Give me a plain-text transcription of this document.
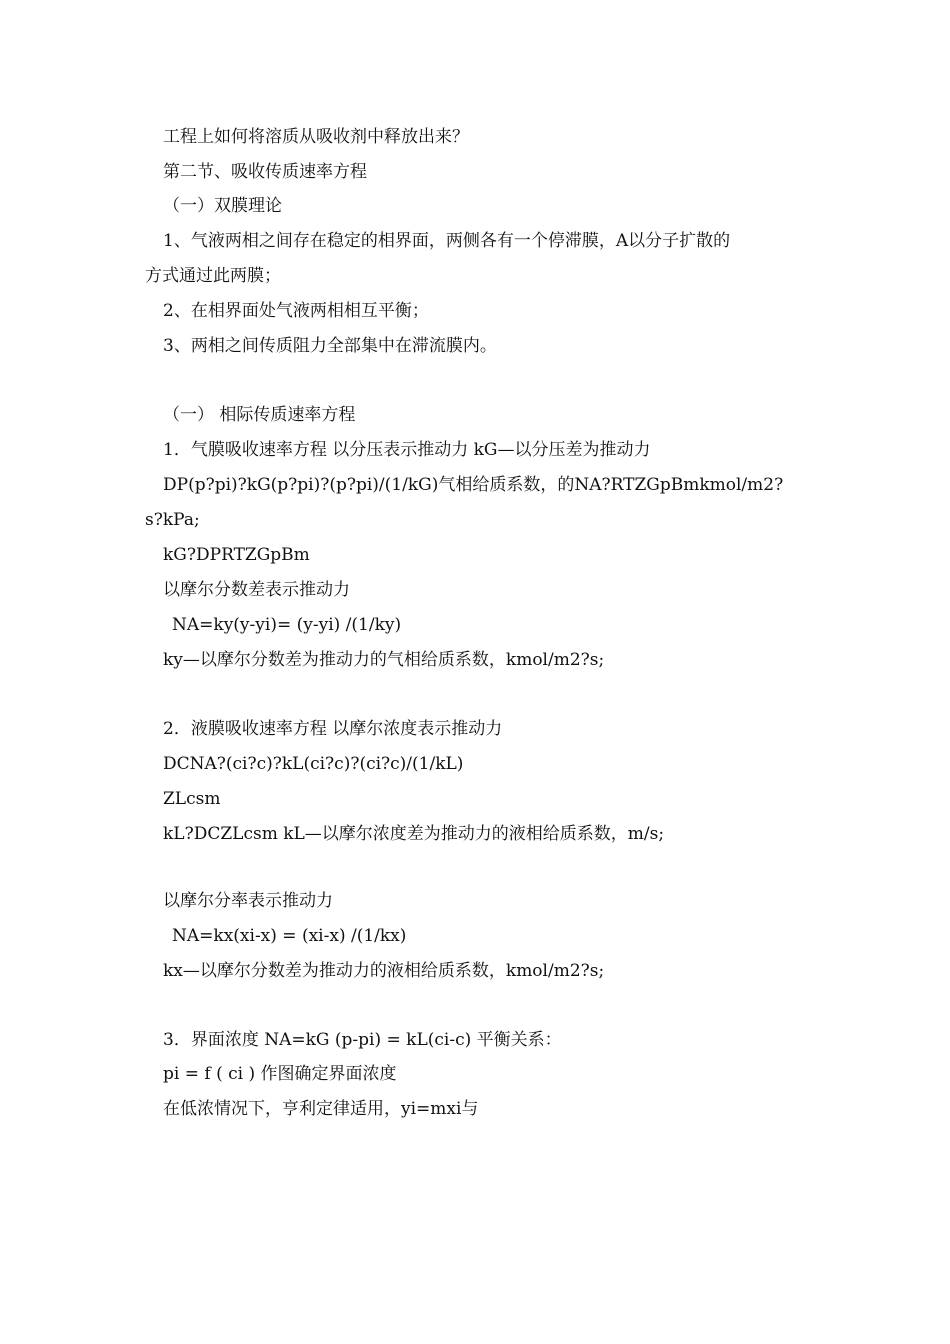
工程上如何将溶质从吸收剂中释放出来？
第二节、吸收传质速率方程
（一）双膜理论
1、气液两相之间存在稳定的相界面，两侧各有一个停滞膜，A以分子扩散的
方式通过此两膜；
2、在相界面处气液两相相互平衡；
3、两相之间传质阻力全部集中在滞流膜内。
（一） 相际传质速率方程
1．气膜吸收速率方程 以分压表示推动力 kG—以分压差为推动力
DP(p?pi)?kG(p?pi)?(p?pi)/(1/kG)气相给质系数，的NA?RTZGpBmkmol/m2?
s?kPa;
kG?DPRTZGpBm
以摩尔分数差表示推动力
NA=ky(y-yi)= (y-yi) /(1/ky)
ky—以摩尔分数差为推动力的气相给质系数，kmol/m2?s;
2．液膜吸收速率方程 以摩尔浓度表示推动力
DCNA?(ci?c)?kL(ci?c)?(ci?c)/(1/kL)
ZLcsm
kL?DCZLcsm kL—以摩尔浓度差为推动力的液相给质系数，m/s;
以摩尔分率表示推动力
NA=kx(xi-x) = (xi-x) /(1/kx)
kx—以摩尔分数差为推动力的液相给质系数，kmol/m2?s;
3．界面浓度 NA=kG (p-pi) = kL(ci-c) 平衡关系：
pi = f ( ci ) 作图确定界面浓度
在低浓情况下，亨利定律适用，yi=mxi与
